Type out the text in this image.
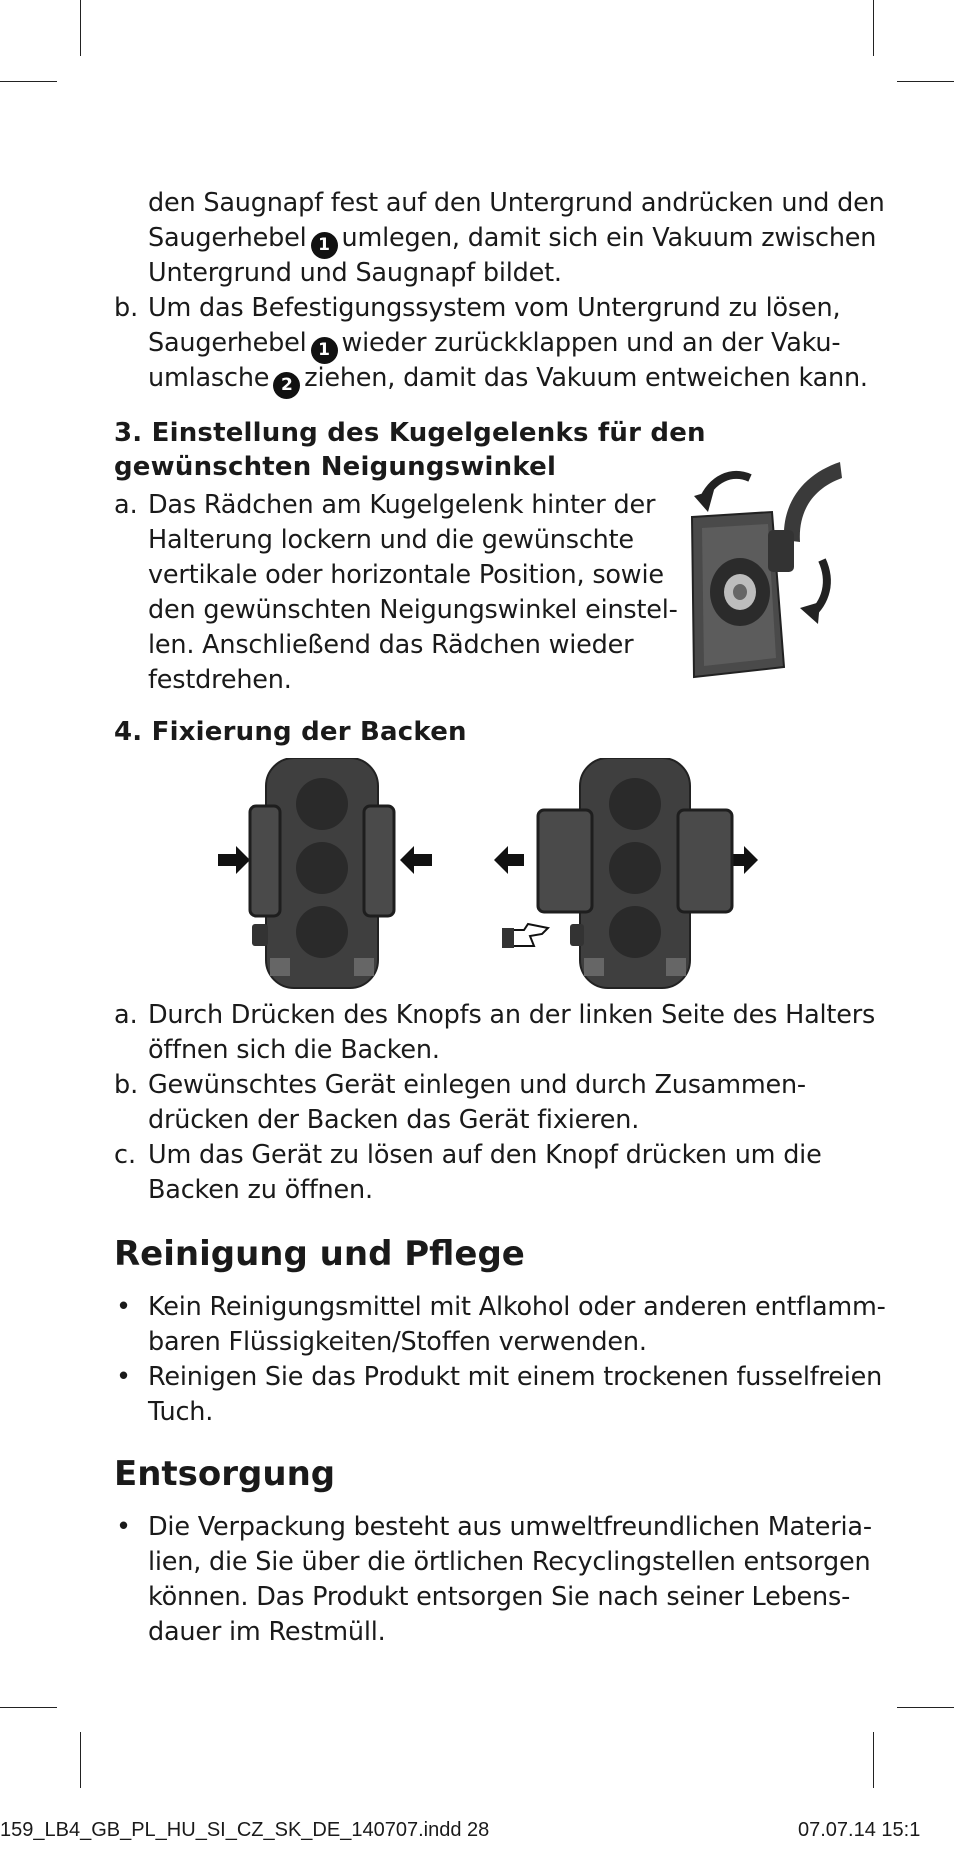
den Saugnapf fest auf den Untergrund andrücken und den
Saugerhebel 1 umlegen, damit sich ein Vakuum zwischen
Untergrund und Saugnapf bildet.
b. Um das Befestigungssystem vom Untergrund zu lösen,
Saugerhebel 1 wieder zurückklappen und an der Vaku-
umlasche 2 ziehen, damit das Vakuum entweichen kann.
3. Einstellung des Kugelgelenks für den
gewünschten Neigungswinkel
a. Das Rädchen am Kugelgelenk hinter der
Halterung lockern und die gewünschte
vertikale oder horizontale Position, sowie
den gewünschten Neigungswinkel einstel-
len. Anschließend das Rädchen wieder
festdrehen.
4. Fixierung der Backen
a. Durch Drücken des Knopfs an der linken Seite des Halters
öffnen sich die Backen.
b. Gewünschtes Gerät einlegen und durch Zusammen-
drücken der Backen das Gerät fixieren.
c. Um das Gerät zu lösen auf den Knopf drücken um die
Backen zu öffnen.
Reinigung und Pflege
• Kein Reinigungsmittel mit Alkohol oder anderen entflamm-
baren Flüssigkeiten/Stoffen verwenden.
• Reinigen Sie das Produkt mit einem trockenen fusselfreien
Tuch.
Entsorgung
• Die Verpackung besteht aus umweltfreundlichen Materia-
lien, die Sie über die örtlichen Recyclingstellen entsorgen
können. Das Produkt entsorgen Sie nach seiner Lebens-
dauer im Restmüll.
159_LB4_GB_PL_HU_SI_CZ_SK_DE_140707.indd 28	07.07.14 15:1
